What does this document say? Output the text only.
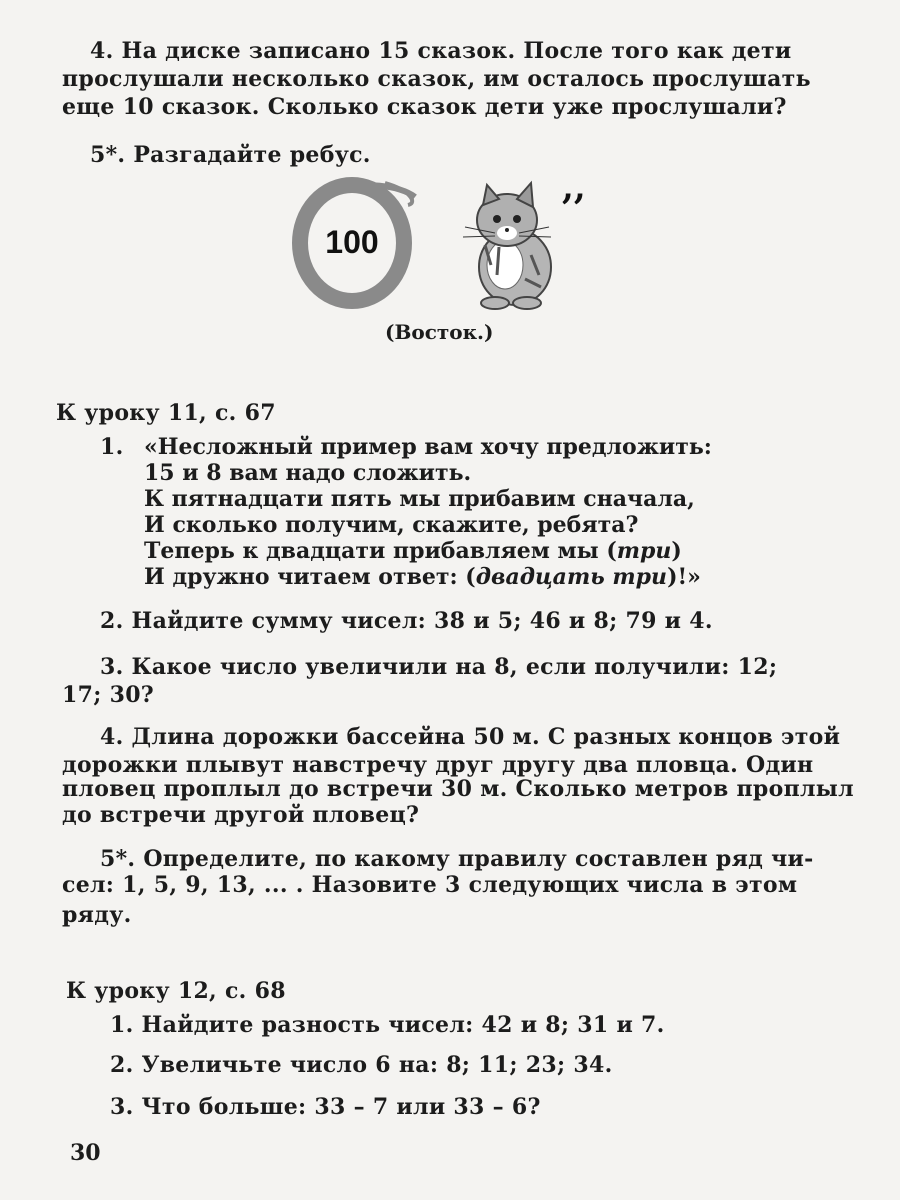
4. На диске записано 15 сказок. После того как дети
прослушали несколько сказок, им осталось прослушать
еще 10 сказок. Сколько сказок дети уже прослушали?
5*. Разгадайте ребус.
100
,,
(Восток.)
К уроку 11, с. 67
1. «Несложный пример вам хочу предложить:
15 и 8 вам надо сложить.
К пятнадцати пять мы прибавим сначала,
И сколько получим, скажите, ребята?
Теперь к двадцати прибавляем мы (три)
И дружно читаем ответ: (двадцать три)!»
2. Найдите сумму чисел: 38 и 5; 46 и 8; 79 и 4.
3. Какое число увеличили на 8, если получили: 12;
17; 30?
4. Длина дорожки бассейна 50 м. С разных концов этой
дорожки плывут навстречу друг другу два пловца. Один
пловец проплыл до встречи 30 м. Сколько метров проплыл
до встречи другой пловец?
5*. Определите, по какому правилу составлен ряд чи-
сел: 1, 5, 9, 13, ... . Назовите 3 следующих числа в этом
ряду.
К уроку 12, с. 68
1. Найдите разность чисел: 42 и 8; 31 и 7.
2. Увеличьте число 6 на: 8; 11; 23; 34.
3. Что больше: 33 – 7 или 33 – 6?
30
